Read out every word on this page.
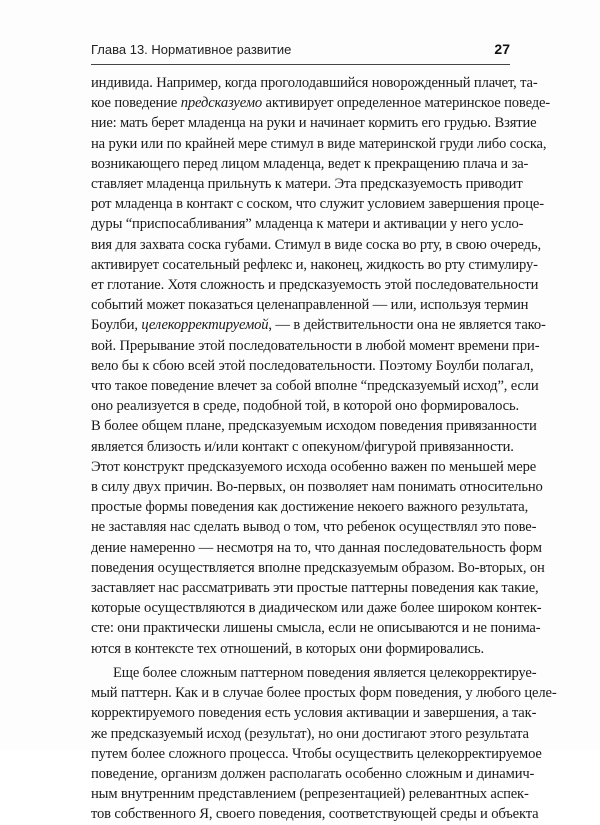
Глава 13. Нормативное развитие	27
индивида. Например, когда проголодавшийся новорожденный плачет, та-
кое поведение предсказуемо активирует определенное материнское поведе-
ние: мать берет младенца на руки и начинает кормить его грудью. Взятие
на руки или по крайней мере стимул в виде материнской груди либо соска,
возникающего перед лицом младенца, ведет к прекращению плача и за-
ставляет младенца прильнуть к матери. Эта предсказуемость приводит
рот младенца в контакт с соском, что служит условием завершения проце-
дуры “приспосабливания” младенца к матери и активации у него усло-
вия для захвата соска губами. Стимул в виде соска во рту, в свою очередь,
активирует сосательный рефлекс и, наконец, жидкость во рту стимулиру-
ет глотание. Хотя сложность и предсказуемость этой последовательности
событий может показаться целенаправленной — или, используя термин
Боулби, целекорректируемой, — в действительности она не является тако-
вой. Прерывание этой последовательности в любой момент времени при-
вело бы к сбою всей этой последовательности. Поэтому Боулби полагал,
что такое поведение влечет за собой вполне “предсказуемый исход”, если
оно реализуется в среде, подобной той, в которой оно формировалось.
В более общем плане, предсказуемым исходом поведения привязанности
является близость и/или контакт с опекуном/фигурой привязанности.
Этот конструкт предсказуемого исхода особенно важен по меньшей мере
в силу двух причин. Во-первых, он позволяет нам понимать относительно
простые формы поведения как достижение некоего важного результата,
не заставляя нас сделать вывод о том, что ребенок осуществлял это пове-
дение намеренно — несмотря на то, что данная последовательность форм
поведения осуществляется вполне предсказуемым образом. Во-вторых, он
заставляет нас рассматривать эти простые паттерны поведения как такие,
которые осуществляются в диадическом или даже более широком контек-
сте: они практически лишены смысла, если не описываются и не понима-
ются в контексте тех отношений, в которых они формировались.
Еще более сложным паттерном поведения является целекорректируе-
мый паттерн. Как и в случае более простых форм поведения, у любого целе-
корректируемого поведения есть условия активации и завершения, а так-
же предсказуемый исход (результат), но они достигают этого результата
путем более сложного процесса. Чтобы осуществить целекорректируемое
поведение, организм должен располагать особенно сложным и динамич-
ным внутренним представлением (репрезентацией) релевантных аспек-
тов собственного Я, своего поведения, соответствующей среды и объекта
